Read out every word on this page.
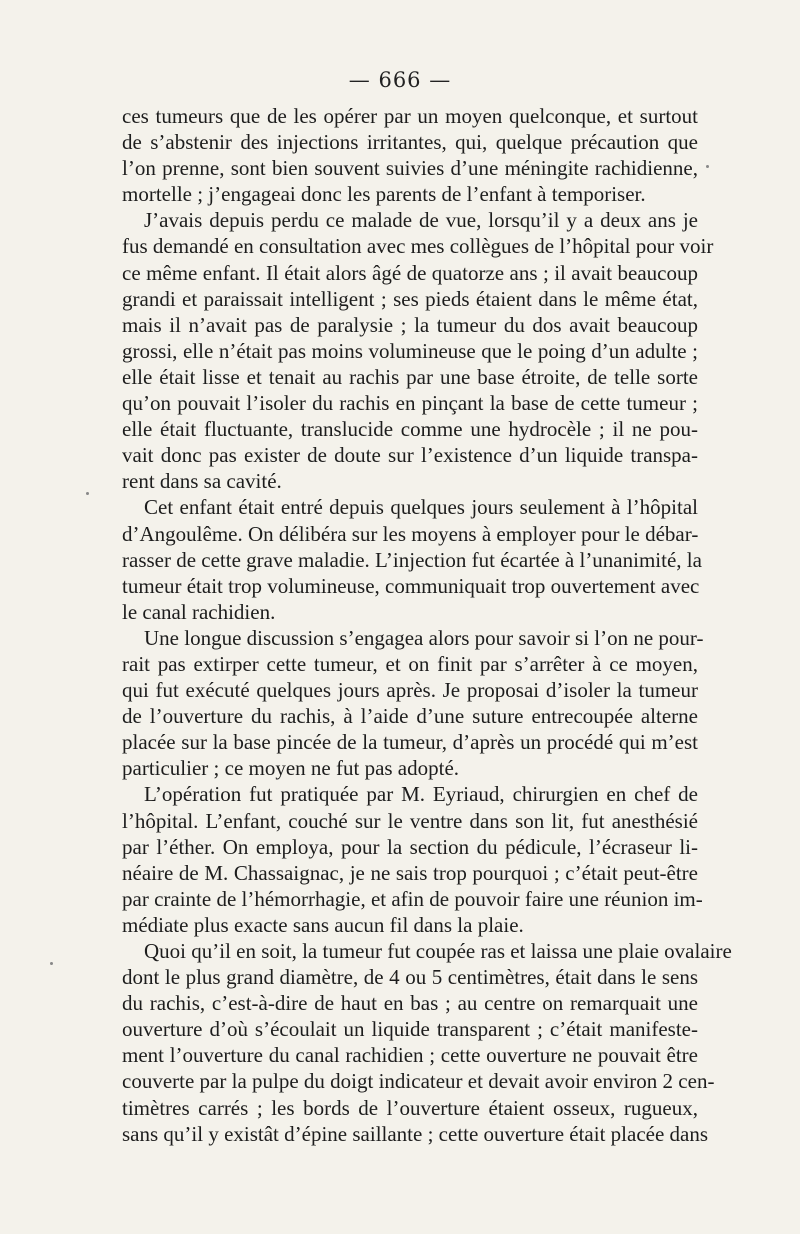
— 666 —
ces tumeurs que de les opérer par un moyen quelconque, et surtout
de s’abstenir des injections irritantes, qui, quelque précaution que
l’on prenne, sont bien souvent suivies d’une méningite rachidienne,
mortelle ; j’engageai donc les parents de l’enfant à temporiser.
J’avais depuis perdu ce malade de vue, lorsqu’il y a deux ans je
fus demandé en consultation avec mes collègues de l’hôpital pour voir
ce même enfant. Il était alors âgé de quatorze ans ; il avait beaucoup
grandi et paraissait intelligent ; ses pieds étaient dans le même état,
mais il n’avait pas de paralysie ; la tumeur du dos avait beaucoup
grossi, elle n’était pas moins volumineuse que le poing d’un adulte ;
elle était lisse et tenait au rachis par une base étroite, de telle sorte
qu’on pouvait l’isoler du rachis en pinçant la base de cette tumeur ;
elle était fluctuante, translucide comme une hydrocèle ; il ne pou-
vait donc pas exister de doute sur l’existence d’un liquide transpa-
rent dans sa cavité.
Cet enfant était entré depuis quelques jours seulement à l’hôpital
d’Angoulême. On délibéra sur les moyens à employer pour le débar-
rasser de cette grave maladie. L’injection fut écartée à l’unanimité, la
tumeur était trop volumineuse, communiquait trop ouvertement avec
le canal rachidien.
Une longue discussion s’engagea alors pour savoir si l’on ne pour-
rait pas extirper cette tumeur, et on finit par s’arrêter à ce moyen,
qui fut exécuté quelques jours après. Je proposai d’isoler la tumeur
de l’ouverture du rachis, à l’aide d’une suture entrecoupée alterne
placée sur la base pincée de la tumeur, d’après un procédé qui m’est
particulier ; ce moyen ne fut pas adopté.
L’opération fut pratiquée par M. Eyriaud, chirurgien en chef de
l’hôpital. L’enfant, couché sur le ventre dans son lit, fut anesthésié
par l’éther. On employa, pour la section du pédicule, l’écraseur li-
néaire de M. Chassaignac, je ne sais trop pourquoi ; c’était peut-être
par crainte de l’hémorrhagie, et afin de pouvoir faire une réunion im-
médiate plus exacte sans aucun fil dans la plaie.
Quoi qu’il en soit, la tumeur fut coupée ras et laissa une plaie ovalaire
dont le plus grand diamètre, de 4 ou 5 centimètres, était dans le sens
du rachis, c’est-à-dire de haut en bas ; au centre on remarquait une
ouverture d’où s’écoulait un liquide transparent ; c’était manifeste-
ment l’ouverture du canal rachidien ; cette ouverture ne pouvait être
couverte par la pulpe du doigt indicateur et devait avoir environ 2 cen-
timètres carrés ; les bords de l’ouverture étaient osseux, rugueux,
sans qu’il y existât d’épine saillante ; cette ouverture était placée dans
